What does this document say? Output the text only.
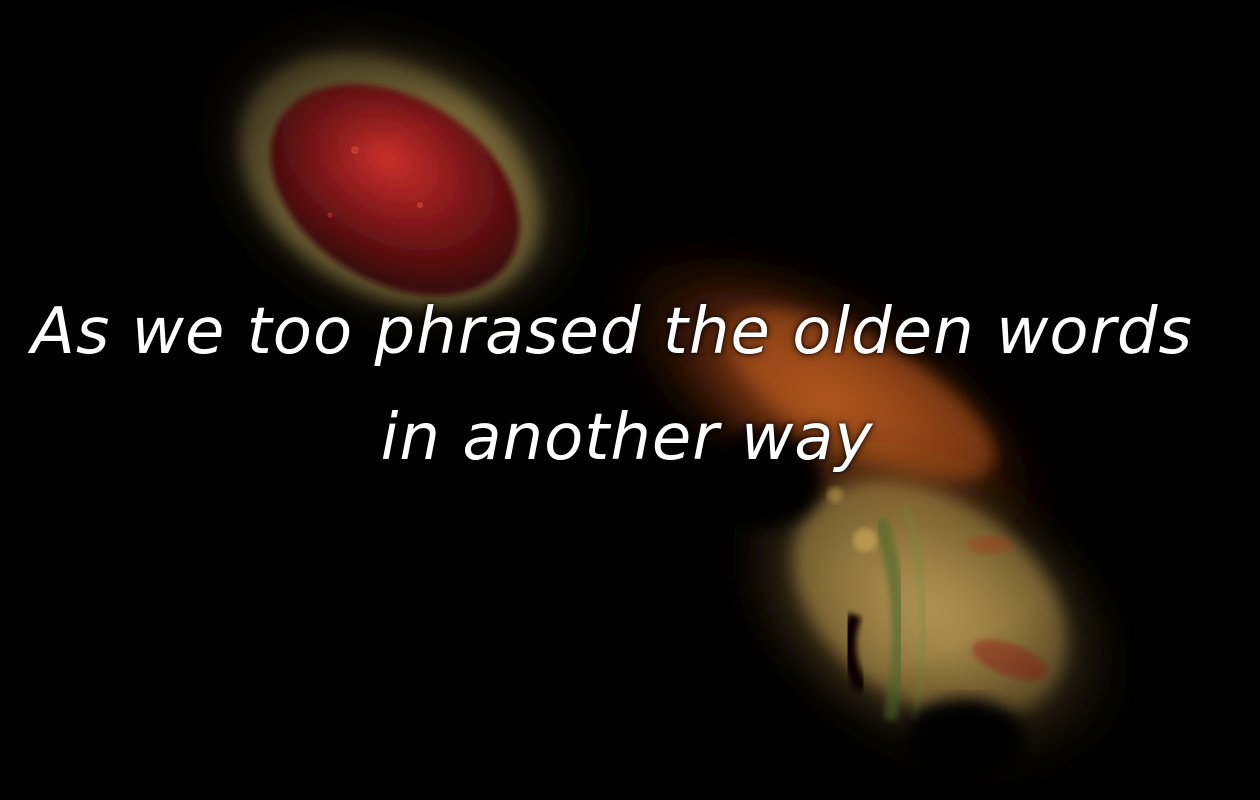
As we too phrased the olden words
in another way
